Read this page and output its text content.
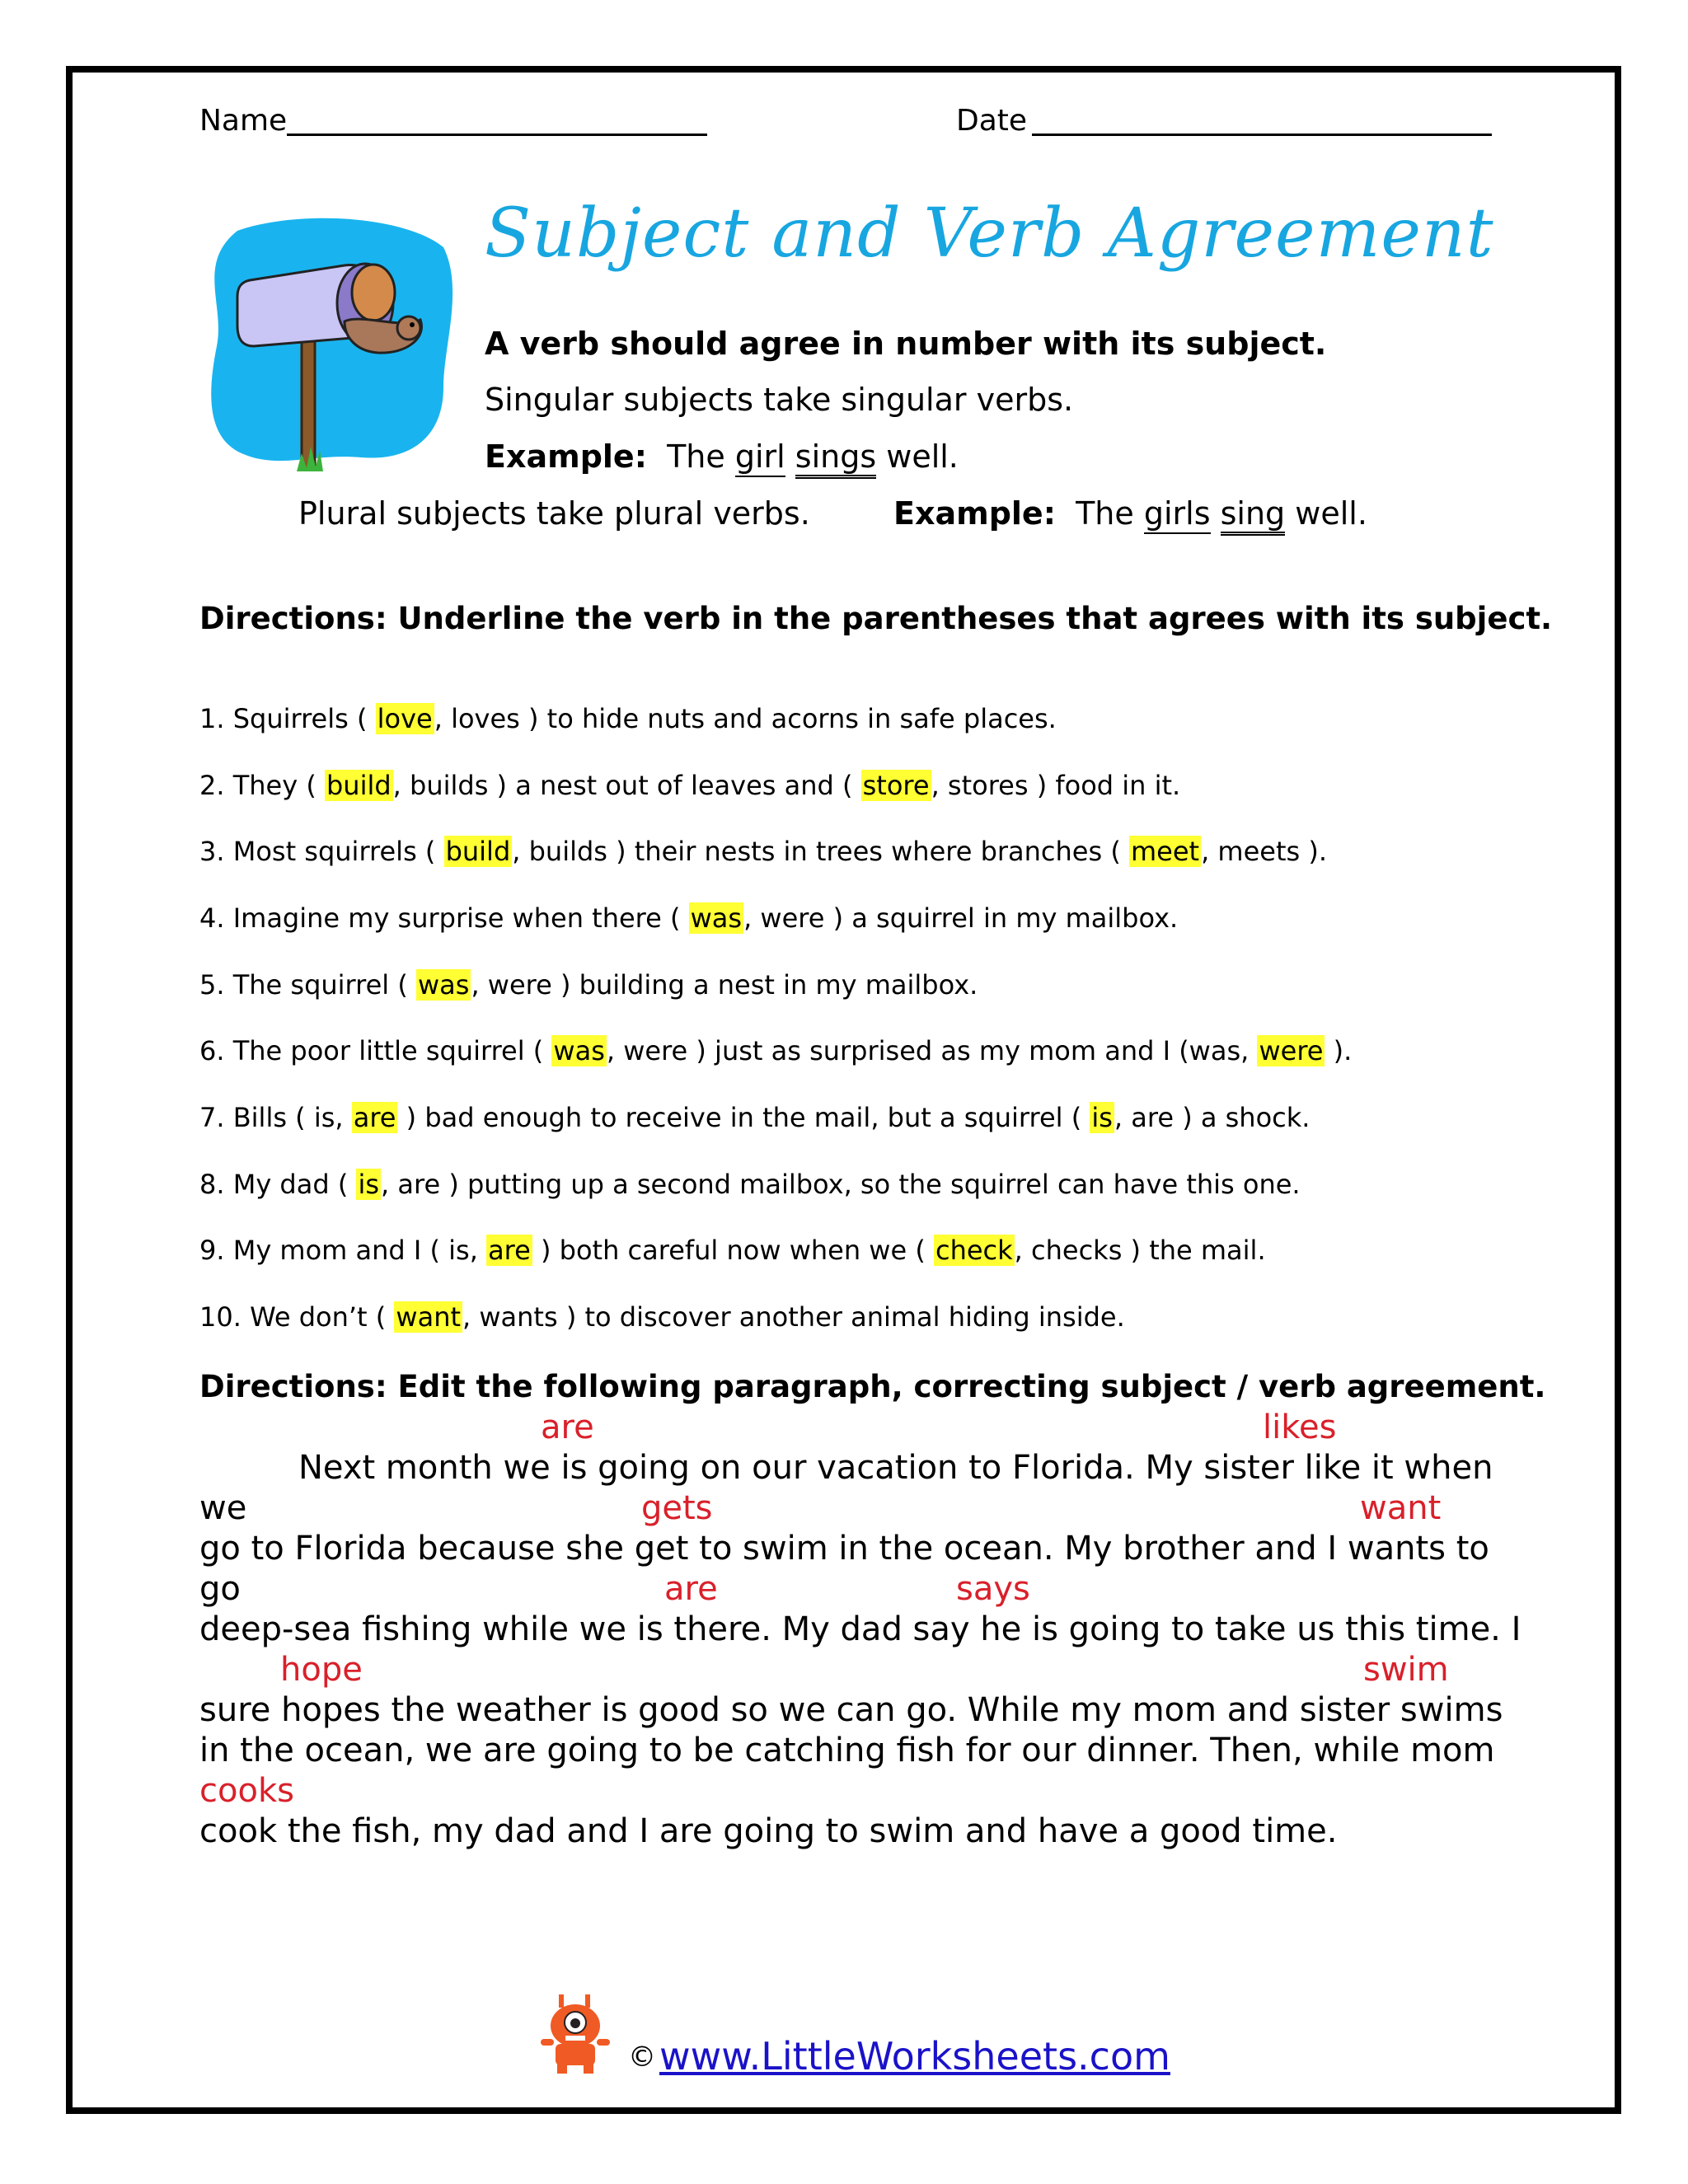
Name	Date
Subject and Verb Agreement
A verb should agree in number with its subject.
Singular subjects take singular verbs.
Example: The girl sings well.
Plural subjects take plural verbs.	Example: The girls sing well.
Directions: Underline the verb in the parentheses that agrees with its subject.
1. Squirrels ( love, loves ) to hide nuts and acorns in safe places.
2. They ( build, builds ) a nest out of leaves and ( store, stores ) food in it.
3. Most squirrels ( build, builds ) their nests in trees where branches ( meet, meets ).
4. Imagine my surprise when there ( was, were ) a squirrel in my mailbox.
5. The squirrel ( was, were ) building a nest in my mailbox.
6. The poor little squirrel ( was, were ) just as surprised as my mom and I (was, were ).
7. Bills ( is, are ) bad enough to receive in the mail, but a squirrel ( is, are ) a shock.
8. My dad ( is, are ) putting up a second mailbox, so the squirrel can have this one.
9. My mom and I ( is, are ) both careful now when we ( check, checks ) the mail.
10. We don’t ( want, wants ) to discover another animal hiding inside.
Directions: Edit the following paragraph, correcting subject / verb agreement.
are	likes
Next month we is going on our vacation to Florida. My sister like it when
we	gets	want
go to Florida because she get to swim in the ocean. My brother and I wants to
go	are	says
deep-sea fishing while we is there. My dad say he is going to take us this time. I
hope	swim
sure hopes the weather is good so we can go. While my mom and sister swims
in the ocean, we are going to be catching fish for our dinner. Then, while mom
cooks
cook the fish, my dad and I are going to swim and have a good time.
© www.LittleWorksheets.com
